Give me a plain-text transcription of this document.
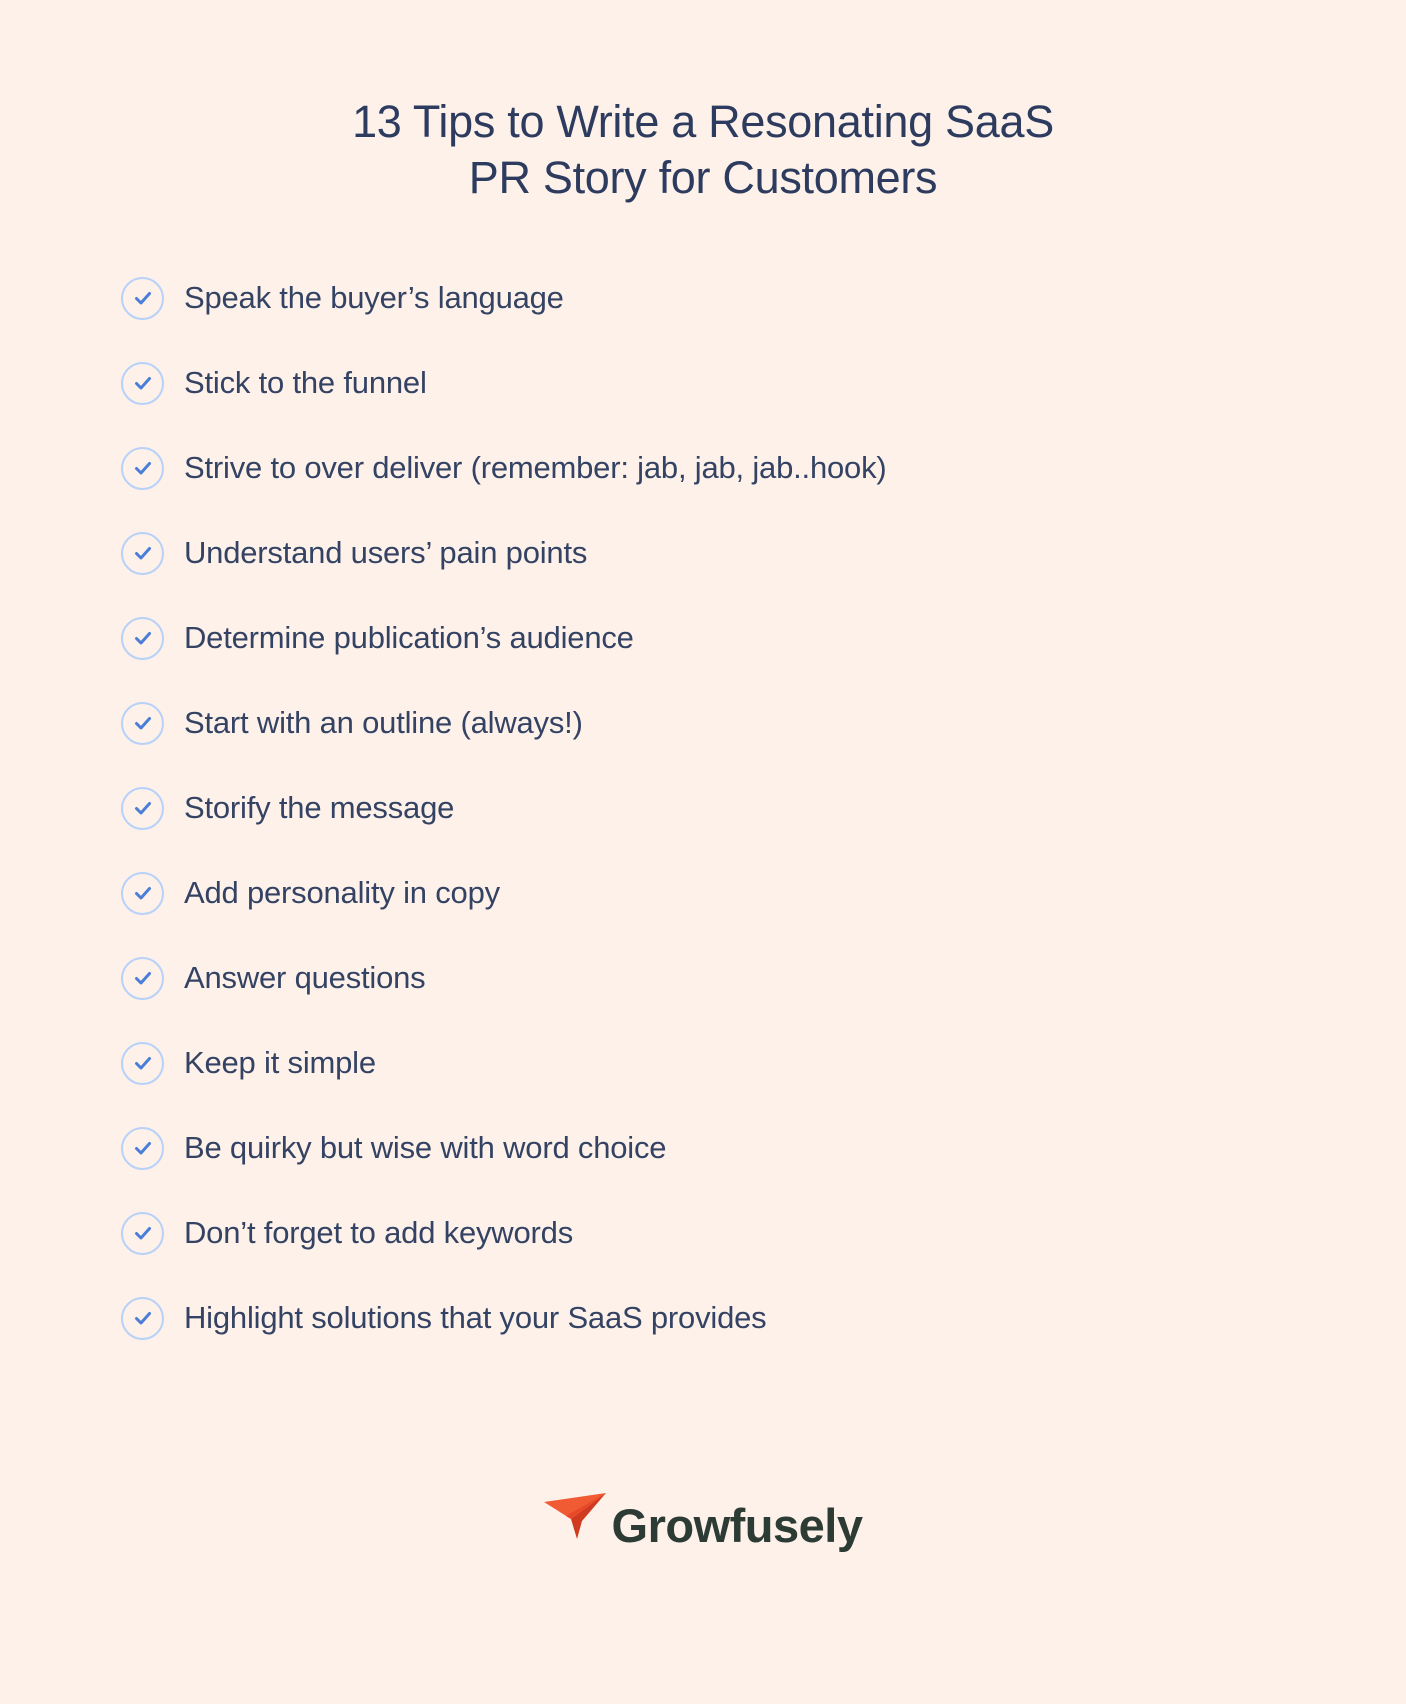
13 Tips to Write a Resonating SaaS
PR Story for Customers
Speak the buyer’s language
Stick to the funnel
Strive to over deliver (remember: jab, jab, jab..hook)
Understand users’ pain points
Determine publication’s audience
Start with an outline (always!)
Storify the message
Add personality in copy
Answer questions
Keep it simple
Be quirky but wise with word choice
Don’t forget to add keywords
Highlight solutions that your SaaS provides
Growfusely
